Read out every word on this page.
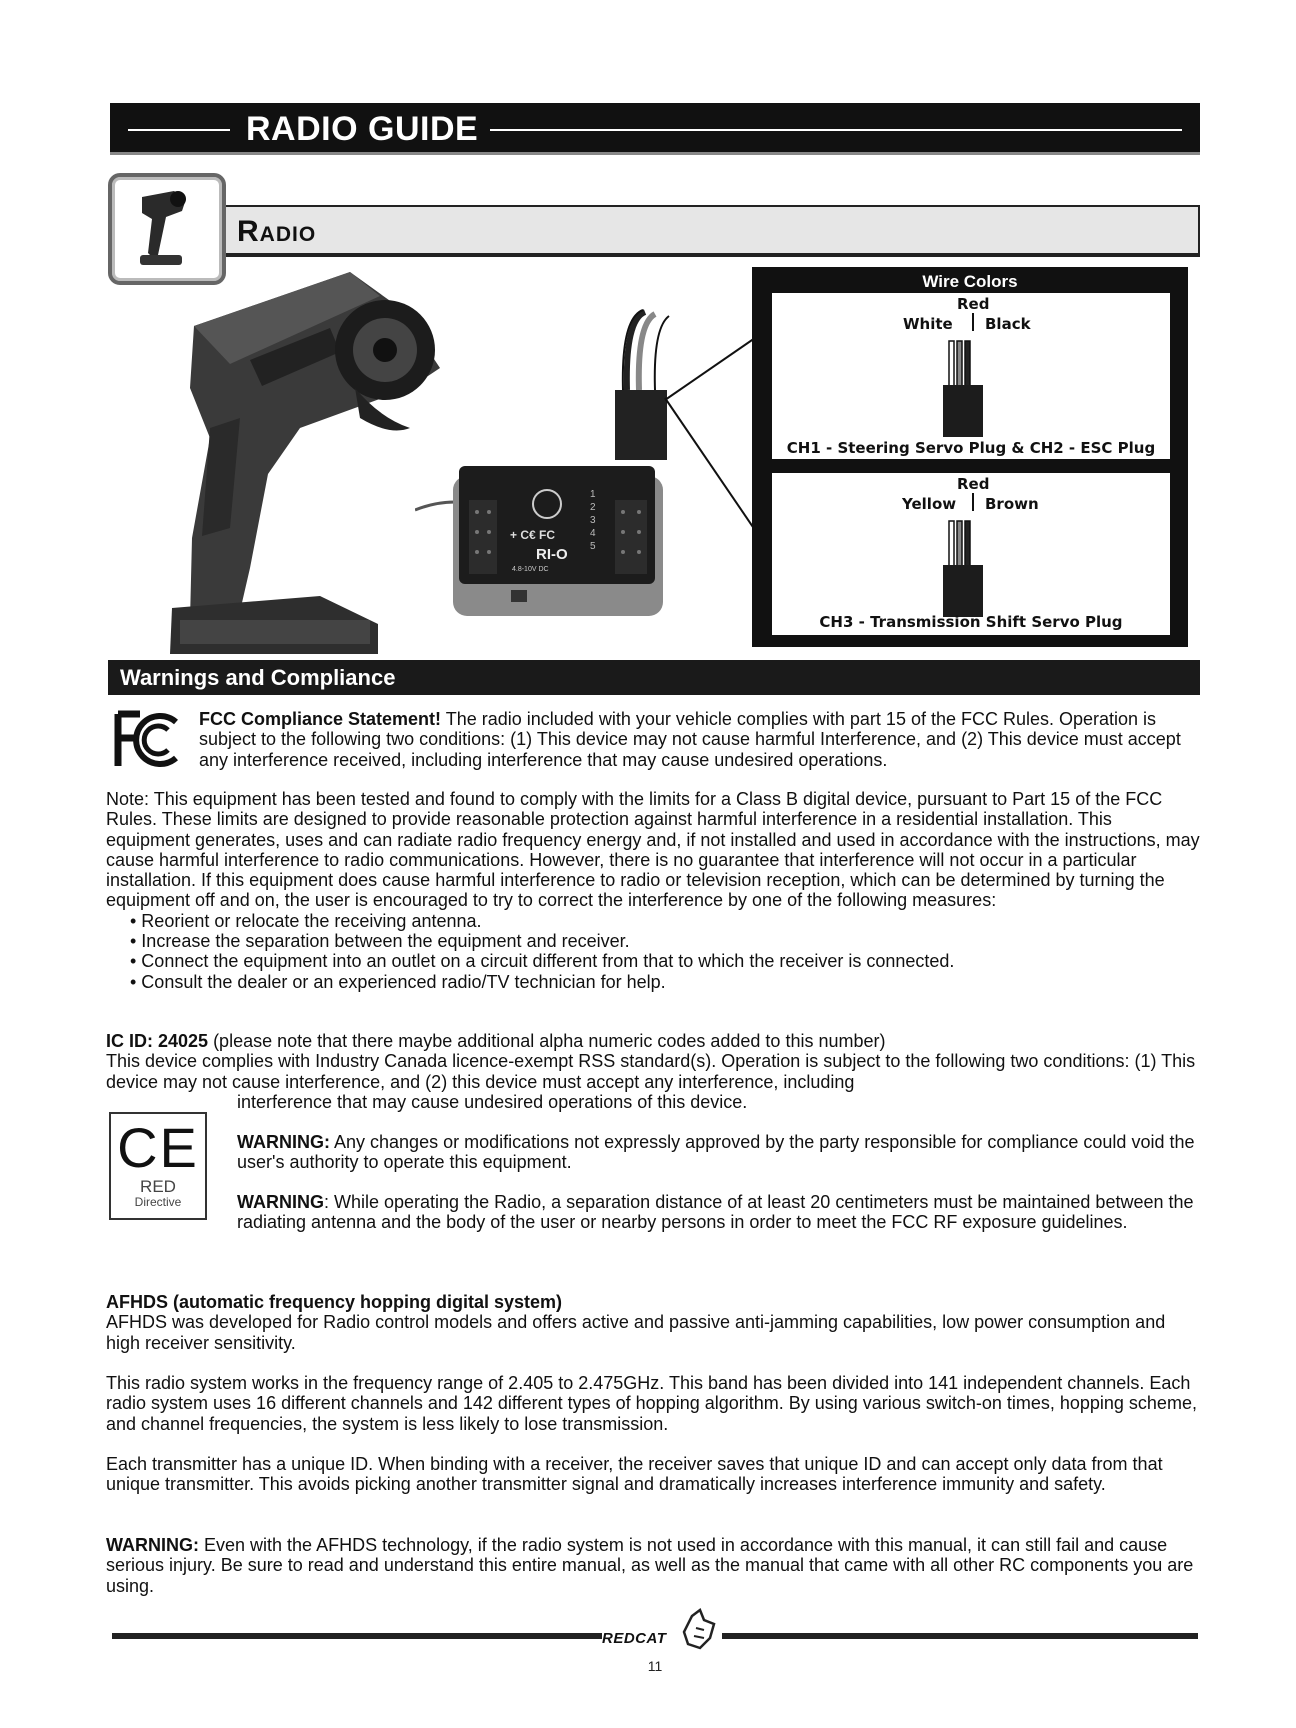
RADIO GUIDE
Radio
+ C€ FC
RI-O
4.8-10V DC
1
2
3
4
5
Wire Colors
Red
White Black
CH1 - Steering Servo Plug & CH2 - ESC Plug
Red
Yellow Brown
CH3 - Transmission Shift Servo Plug
Warnings and Compliance
FCC Compliance Statement! The radio included with your vehicle complies with part 15 of the FCC Rules. Operation is subject to the following two conditions: (1) This device may not cause harmful Interference, and (2) This device must accept any interference received, including interference that may cause undesired operations.

Note: This equipment has been tested and found to comply with the limits for a Class B digital device, pursuant to Part 15 of the FCC Rules. These limits are designed to provide reasonable protection against harmful interference in a residential installation. This equipment generates, uses and can radiate radio frequency energy and, if not installed and used in accordance with the instructions, may cause harmful interference to radio communications. However, there is no guarantee that interference will not occur in a particular installation. If this equipment does cause harmful interference to radio or television reception, which can be determined by turning the equipment off and on, the user is encouraged to try to correct the interference by one of the following measures:

• Reorient or relocate the receiving antenna.

• Increase the separation between the equipment and receiver.

• Connect the equipment into an outlet on a circuit different from that to which the receiver is connected.

• Consult the dealer or an experienced radio/TV technician for help.

IC ID: 24025 (please note that there maybe additional alpha numeric codes added to this number)

This device complies with Industry Canada licence-exempt RSS standard(s). Operation is subject to the following two conditions: (1) This device may not cause interference, and (2) this device must accept any interference, including

interference that may cause undesired operations of this device.
CE
RED
Directive
WARNING: Any changes or modifications not expressly approved by the party responsible for compliance could void the user's authority to operate this equipment.
WARNING: While operating the Radio, a separation distance of at least 20 centimeters must be maintained between the radiating antenna and the body of the user or nearby persons in order to meet the FCC RF exposure guidelines.

AFHDS (automatic frequency hopping digital system)

AFHDS was developed for Radio control models and offers active and passive anti-jamming capabilities, low power consumption and high receiver sensitivity.

This radio system works in the frequency range of 2.405 to 2.475GHz. This band has been divided into 141 independent channels. Each radio system uses 16 different channels and 142 different types of hopping algorithm. By using various switch-on times, hopping scheme, and channel frequencies, the system is less likely to lose transmission.
Each transmitter has a unique ID. When binding with a receiver, the receiver saves that unique ID and can accept only data from that unique transmitter. This avoids picking another transmitter signal and dramatically increases interference immunity and safety.
WARNING: Even with the AFHDS technology, if the radio system is not used in accordance with this manual, it can still fail and cause serious injury. Be sure to read and understand this entire manual, as well as the manual that came with all other RC components you are using.
REDCAT
11
